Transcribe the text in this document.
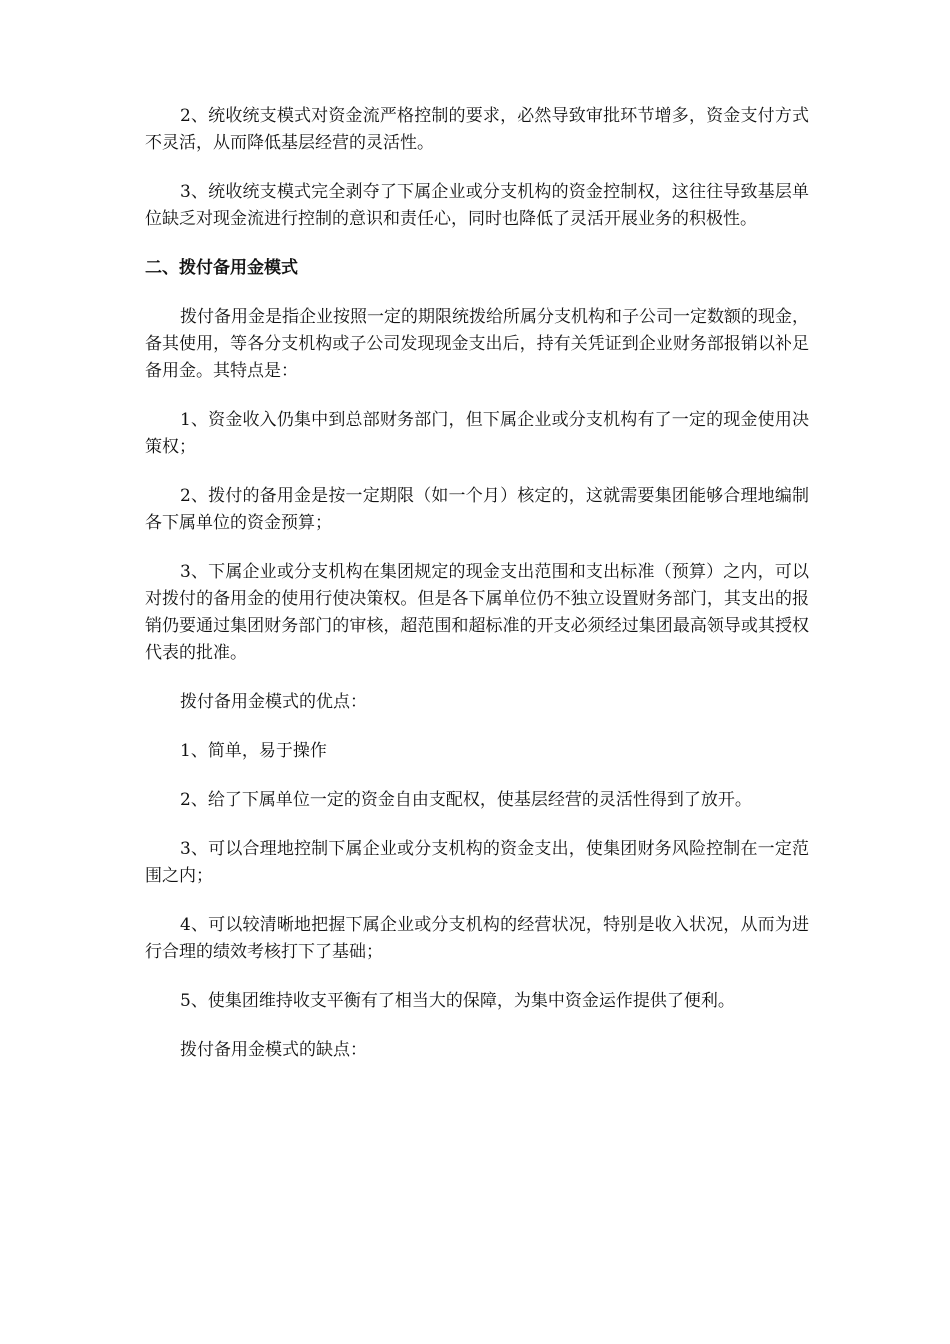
2、统收统支模式对资金流严格控制的要求，必然导致审批环节增多，资金支付方式不灵活，从而降低基层经营的灵活性。

3、统收统支模式完全剥夺了下属企业或分支机构的资金控制权，这往往导致基层单位缺乏对现金流进行控制的意识和责任心，同时也降低了灵活开展业务的积极性。

二、拨付备用金模式

拨付备用金是指企业按照一定的期限统拨给所属分支机构和子公司一定数额的现金，备其使用，等各分支机构或子公司发现现金支出后，持有关凭证到企业财务部报销以补足备用金。其特点是：

1、资金收入仍集中到总部财务部门，但下属企业或分支机构有了一定的现金使用决策权；

2、拨付的备用金是按一定期限（如一个月）核定的，这就需要集团能够合理地编制各下属单位的资金预算；

3、下属企业或分支机构在集团规定的现金支出范围和支出标准（预算）之内，可以对拨付的备用金的使用行使决策权。但是各下属单位仍不独立设置财务部门，其支出的报销仍要通过集团财务部门的审核，超范围和超标准的开支必须经过集团最高领导或其授权代表的批准。

拨付备用金模式的优点：

1、简单，易于操作

2、给了下属单位一定的资金自由支配权，使基层经营的灵活性得到了放开。

3、可以合理地控制下属企业或分支机构的资金支出，使集团财务风险控制在一定范围之内；

4、可以较清晰地把握下属企业或分支机构的经营状况，特别是收入状况，从而为进行合理的绩效考核打下了基础；

5、使集团维持收支平衡有了相当大的保障，为集中资金运作提供了便利。

拨付备用金模式的缺点：
